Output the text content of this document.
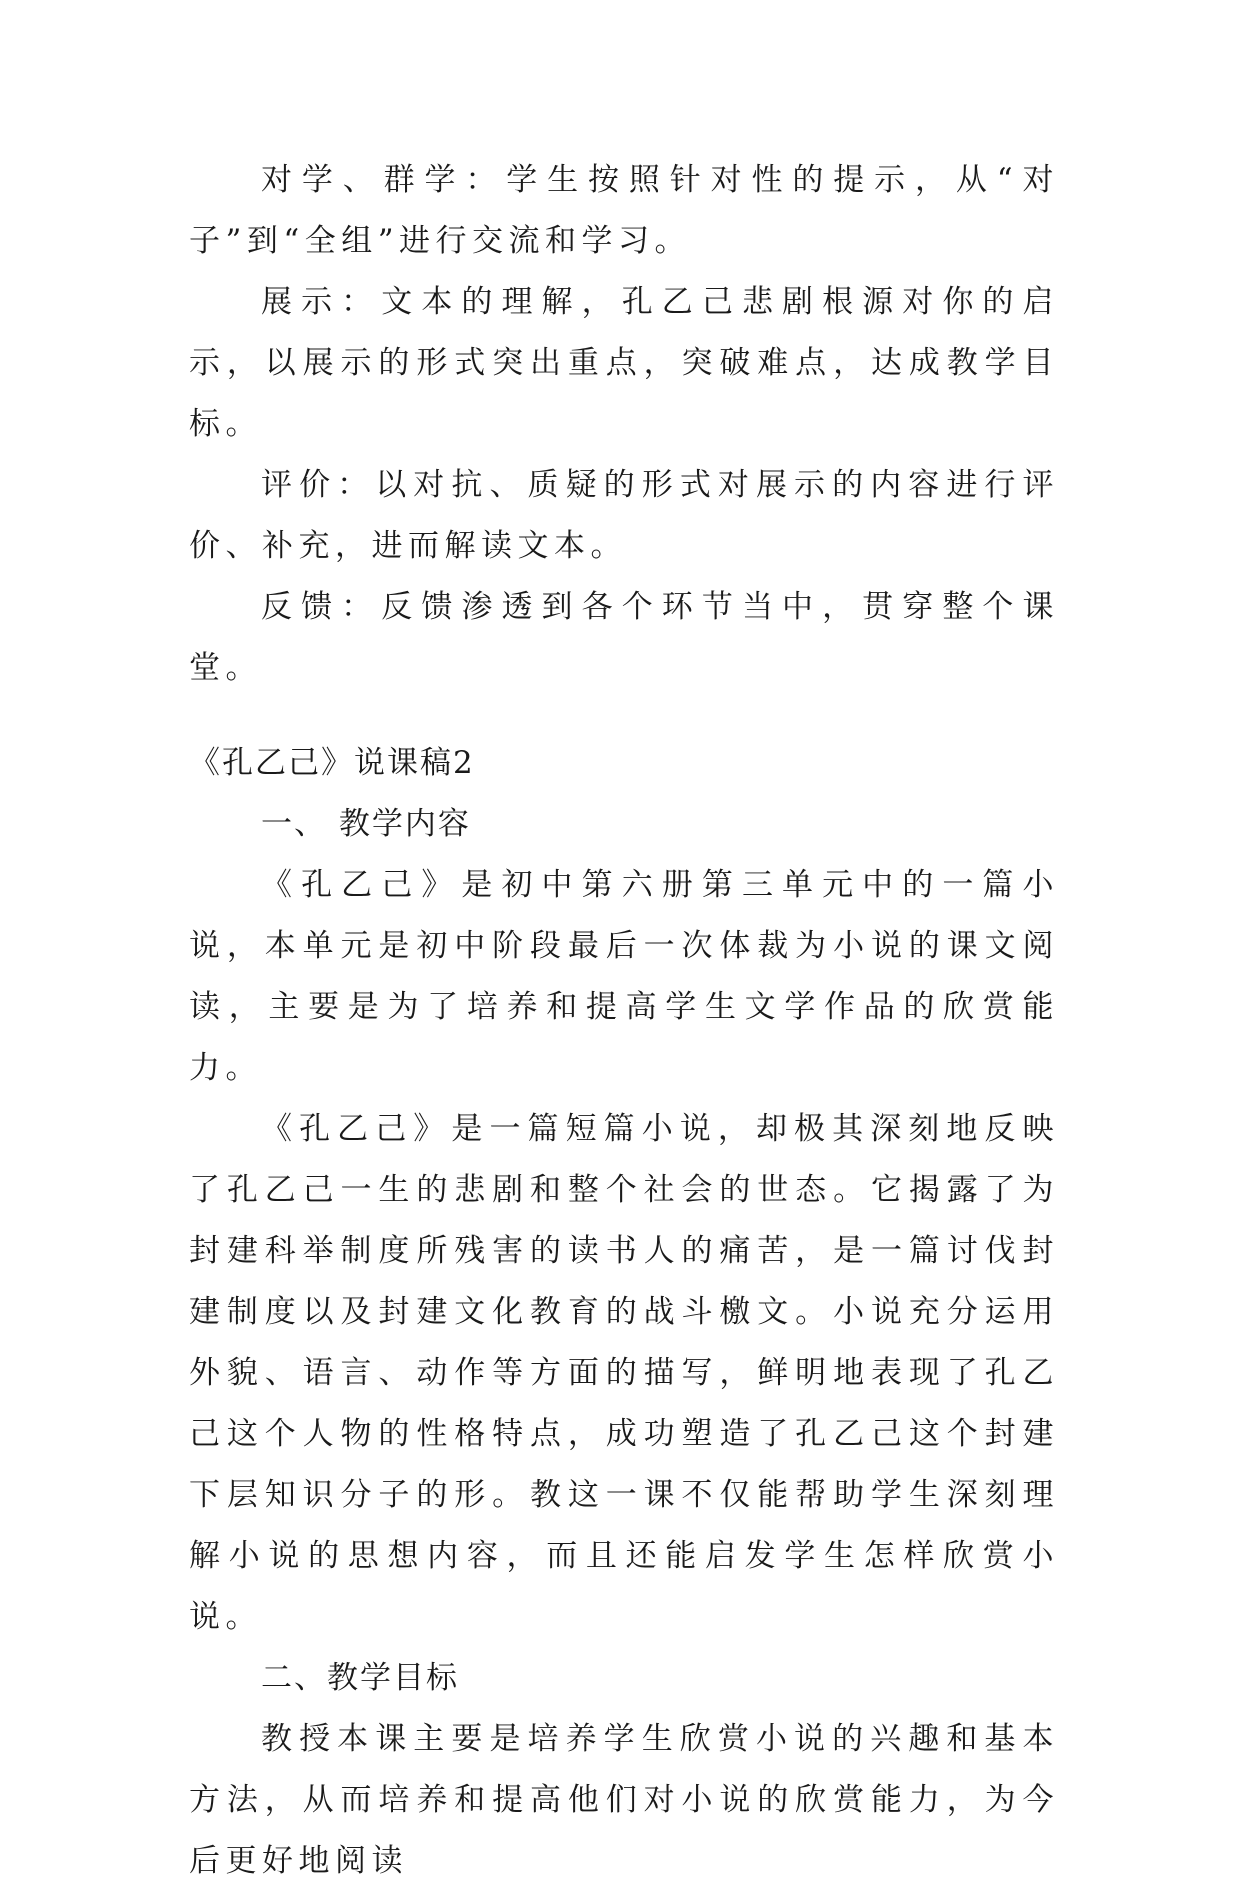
对学、群学：学生按照针对性的提示，从“对子”到“全组”进行交流和学习。

展示：文本的理解，孔乙己悲剧根源对你的启示，以展示的形式突出重点，突破难点，达成教学目标。

评价：以对抗、质疑的形式对展示的内容进行评价、补充，进而解读文本。

反馈：反馈渗透到各个环节当中，贯穿整个课堂。

《孔乙己》说课稿2

一、 教学内容

《孔乙己》是初中第六册第三单元中的一篇小说，本单元是初中阶段最后一次体裁为小说的课文阅读，主要是为了培养和提高学生文学作品的欣赏能力。

《孔乙己》是一篇短篇小说，却极其深刻地反映了孔乙己一生的悲剧和整个社会的世态。它揭露了为封建科举制度所残害的读书人的痛苦，是一篇讨伐封建制度以及封建文化教育的战斗檄文。小说充分运用外貌、语言、动作等方面的描写，鲜明地表现了孔乙己这个人物的性格特点，成功塑造了孔乙己这个封建下层知识分子的形。教这一课不仅能帮助学生深刻理解小说的思想内容，而且还能启发学生怎样欣赏小说。

二、教学目标

教授本课主要是培养学生欣赏小说的兴趣和基本方法，从而培养和提高他们对小说的欣赏能力，为今后更好地阅读
